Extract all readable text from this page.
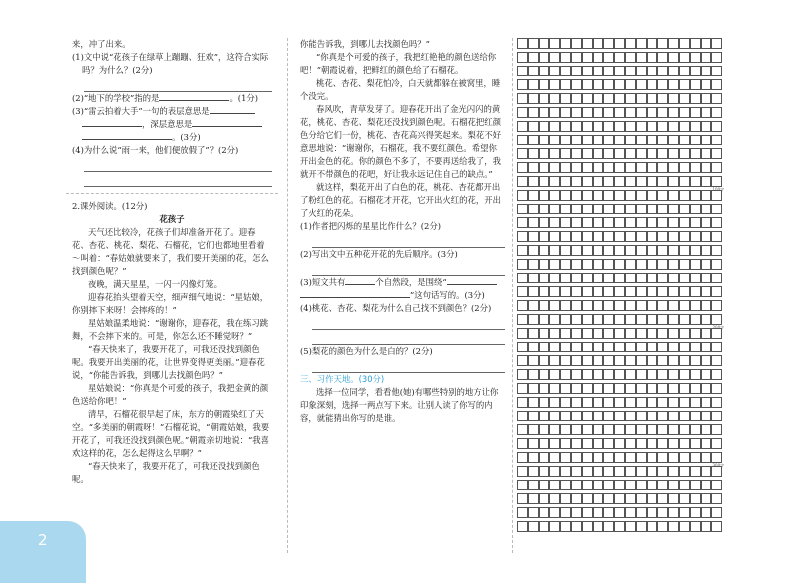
来，冲了出来。

(1)文中说“花孩子在绿草上蹦蹦、狂欢”，这符合实际吗？为什么？(2分)

(2)“地下的学校”指的是	。(1分)

(3)“雷云拍着大手”一句的表层意思是
，深层意思是
。(3分)

(4)为什么说“雨一来，他们便放假了”？(2分)

2.课外阅读。(12分)

花孩子

天气还比较冷，花孩子们却准备开花了。迎春花、杏花、桃花、梨花、石榴花，它们也都地里看着～叫着：“春姑娘就要来了，我们要开美丽的花，怎么找到颜色呢？”

夜晚，满天星星，一闪一闪像灯笼。

迎春花抬头望着天空，细声细气地说：“星姑娘，你别摔下来呀！会摔疼的！”

星姑娘温柔地说：“谢谢你，迎春花，我在练习跳舞，不会摔下来的。可是，你怎么还不睡觉呀？”

“春天快来了，我要开花了，可我还没找到颜色呢。我要开出美丽的花，让世界变得更美丽。”迎春花说，“你能告诉我，到哪儿去找颜色吗？”

星姑娘说：“你真是个可爱的孩子，我把金黄的颜色送给你吧！”

清早，石榴花很早起了床，东方的朝霞染红了天空。“多美丽的朝霞呀！”石榴花说，“朝霞姑娘，我要开花了，可我还没找到颜色呢。”朝霞亲切地说：“我喜欢这样的花，怎么起得这么早啊？”

“春天快来了，我要开花了，可我还没找到颜色呢。

你能告诉我，到哪儿去找颜色吗？”

“你真是个可爱的孩子，我把红艳艳的颜色送给你吧！”朝霞说着，把鲜红的颜色给了石榴花。

桃花、杏花、梨花怕冷，白天就都躲在被窝里，睡个没完。

春风吹，青草发芽了。迎春花开出了金光闪闪的黄花，桃花、杏花、梨花还没找到颜色呢。石榴花把红颜色分给它们一份，桃花、杏花高兴得笑起来。梨花不好意思地说：“谢谢你，石榴花，我不要红颜色。希望你开出金色的花。你的颜色不多了，不要再送给我了，我就开不带颜色的花吧，好让我永远记住自己的缺点。”

就这样，梨花开出了白色的花，桃花、杏花都开出了粉红色的花。石榴花才开花，它开出火红的花，开出了火红的花朵。

(1)作者把闪烁的星星比作什么？(2分)

(2)写出文中五种花开花的先后顺序。(3分)

(3)短文共有	个自然段，是围绕“
”这句话写的。(3分)

(4)桃花、杏花、梨花为什么自己找不到颜色？(2分)

(5)梨花的颜色为什么是白的？(2分)

三、习作天地。(30分)

选择一位同学，看看他(她)有哪些特别的地方让你印象深刻，选择一两点写下来。让别人读了你写的内容，就能猜出你写的是谁。

100字
200字
300字
2
